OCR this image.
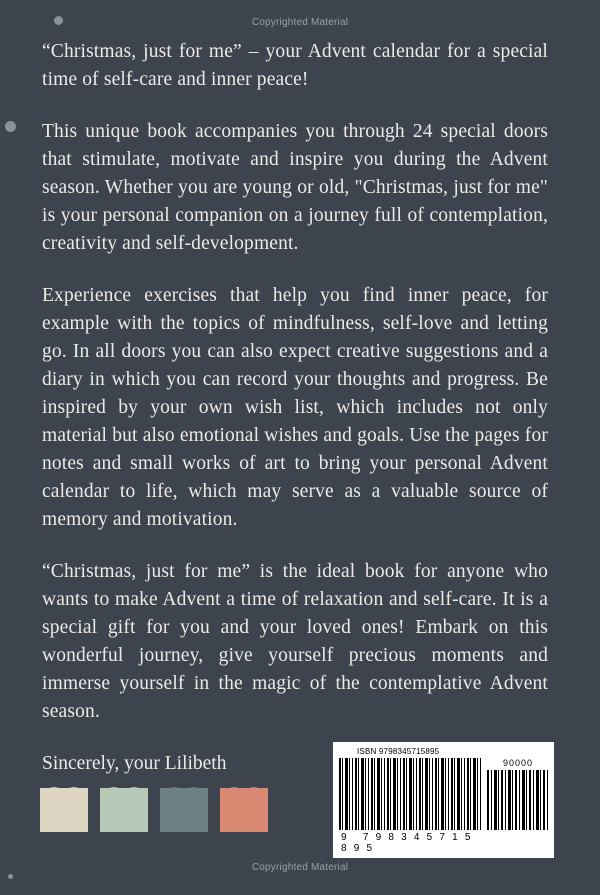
Copyrighted Material

“Christmas, just for me” – your Advent calendar for a special time of self-care and inner peace!

This unique book accompanies you through 24 special doors that stimulate, motivate and inspire you during the Advent season. Whether you are young or old, "Christmas, just for me" is your personal companion on a journey full of contemplation, creativity and self-development.

Experience exercises that help you find inner peace, for example with the topics of mindfulness, self-love and letting go. In all doors you can also expect creative suggestions and a diary in which you can record your thoughts and progress. Be inspired by your own wish list, which includes not only material but also emotional wishes and goals. Use the pages for notes and small works of art to bring your personal Advent calendar to life, which may serve as a valuable source of memory and motivation.

“Christmas, just for me” is the ideal book for anyone who wants to make Advent a time of relaxation and self-care. It is a special gift for you and your loved ones! Embark on this wonderful journey, give yourself precious moments and immerse yourself in the magic of the contemplative Advent season.

Sincerely, your Lilibeth
ISBN 9798345715895
9   7 9 8 3 4 5 7 1 5 8 9 5
90000
Copyrighted Material
